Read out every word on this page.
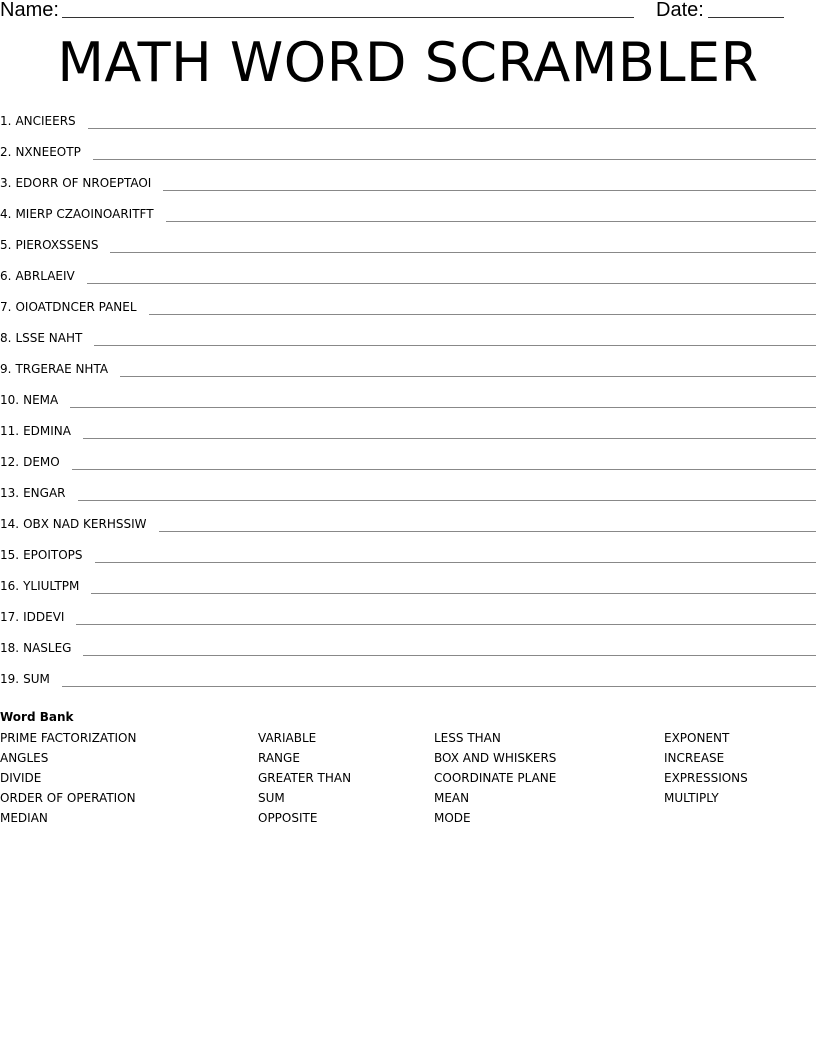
Name:	Date:
MATH WORD SCRAMBLER
1. ANCIEERS
2. NXNEEOTP
3. EDORR OF NROEPTAOI
4. MIERP CZAOINOARITFT
5. PIEROXSSENS
6. ABRLAEIV
7. OIOATDNCER PANEL
8. LSSE NAHT
9. TRGERAE NHTA
10. NEMA
11. EDMINA
12. DEMO
13. ENGAR
14. OBX NAD KERHSSIW
15. EPOITOPS
16. YLIULTPM
17. IDDEVI
18. NASLEG
19. SUM
Word Bank
PRIME FACTORIZATION
ANGLES
DIVIDE
ORDER OF OPERATION
MEDIAN
VARIABLE
RANGE
GREATER THAN
SUM
OPPOSITE
LESS THAN
BOX AND WHISKERS
COORDINATE PLANE
MEAN
MODE
EXPONENT
INCREASE
EXPRESSIONS
MULTIPLY
